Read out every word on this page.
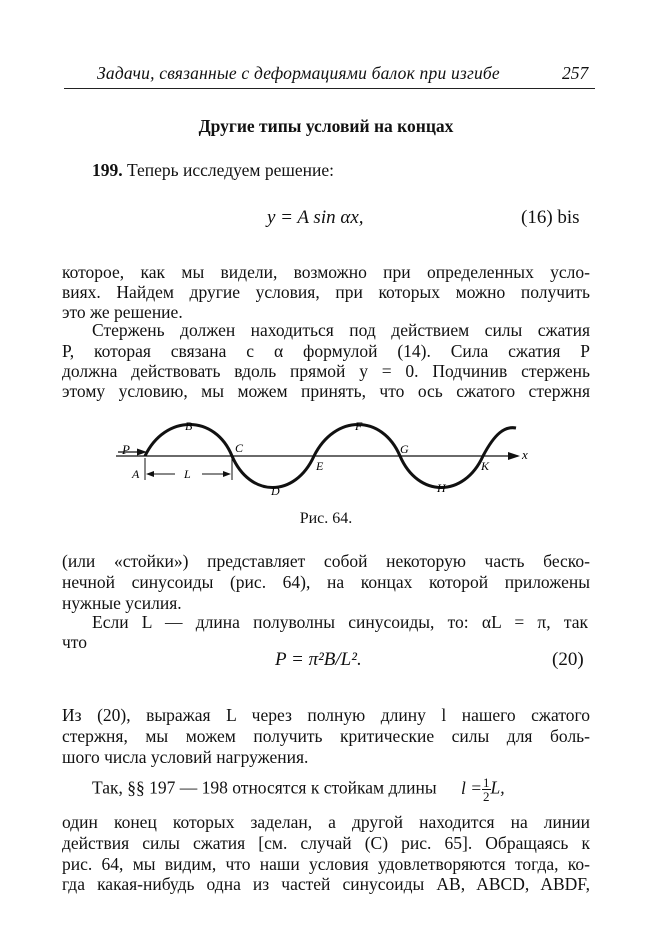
Задачи, связанные с деформациями балок при изгибе	257
Другие типы условий на концах
199. Теперь исследуем решение:
y = A sin αx,	(16) bis
которое, как мы видели, возможно при определенных усло-
виях. Найдем другие условия, при которых можно получить
это же решение.
Стержень должен находиться под действием силы сжатия
P, которая связана с α формулой (14). Сила сжатия P
должна действовать вдоль прямой y = 0. Подчинив стержень
этому условию, мы можем принять, что ось сжатого стержня
P
A
B
C
L
D
E
F
G
H
K
x
Рис. 64.
(или «стойки») представляет собой некоторую часть беско-
нечной синусоиды (рис. 64), на концах которой приложены
нужные усилия.
Если L — длина полуволны синусоиды, то: αL = π, так
что
P = π²B/L².	(20)
Из (20), выражая L через полную длину l нашего сжатого
стержня, мы можем получить критические силы для боль-
шого числа условий нагружения.
Так, §§ 197 — 198 относятся к стойкам длины $l = \frac{1}{2} L$,
один конец которых заделан, а другой находится на линии
действия силы сжатия [см. случай (C) рис. 65]. Обращаясь к
рис. 64, мы видим, что наши условия удовлетворяются тогда, ко-
гда какая-нибудь одна из частей синусоиды AB, ABCD, ABDF,
